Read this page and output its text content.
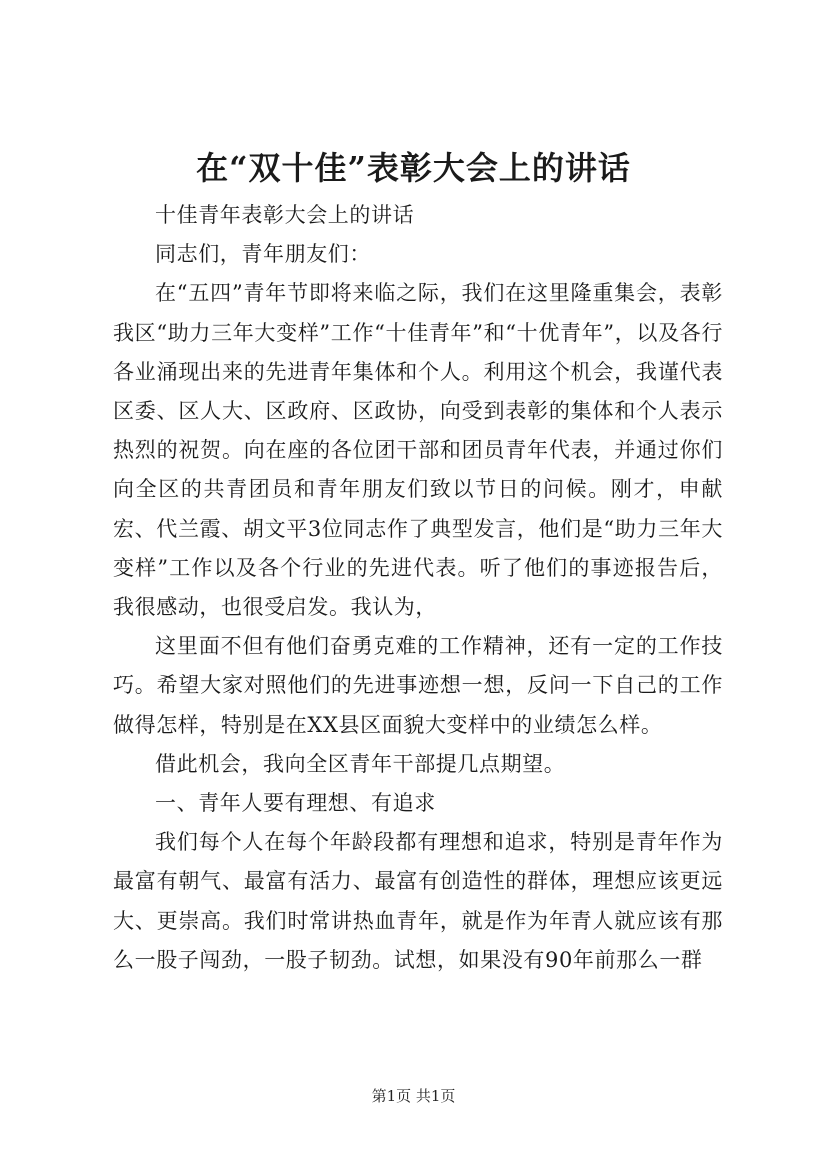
在“双十佳”表彰大会上的讲话

十佳青年表彰大会上的讲话

同志们，青年朋友们：

在“五四”青年节即将来临之际，我们在这里隆重集会，表彰我区“助力三年大变样”工作“十佳青年”和“十优青年”，以及各行各业涌现出来的先进青年集体和个人。利用这个机会，我谨代表区委、区人大、区政府、区政协，向受到表彰的集体和个人表示热烈的祝贺。向在座的各位团干部和团员青年代表，并通过你们向全区的共青团员和青年朋友们致以节日的问候。刚才，申献宏、代兰霞、胡文平3位同志作了典型发言，他们是“助力三年大变样”工作以及各个行业的先进代表。听了他们的事迹报告后，我很感动，也很受启发。我认为，

这里面不但有他们奋勇克难的工作精神，还有一定的工作技巧。希望大家对照他们的先进事迹想一想，反问一下自己的工作做得怎样，特别是在XX县区面貌大变样中的业绩怎么样。

借此机会，我向全区青年干部提几点期望。

一、青年人要有理想、有追求

我们每个人在每个年龄段都有理想和追求，特别是青年作为最富有朝气、最富有活力、最富有创造性的群体，理想应该更远大、更崇高。我们时常讲热血青年，就是作为年青人就应该有那么一股子闯劲，一股子韧劲。试想，如果没有90年前那么一群

第1页 共1页
